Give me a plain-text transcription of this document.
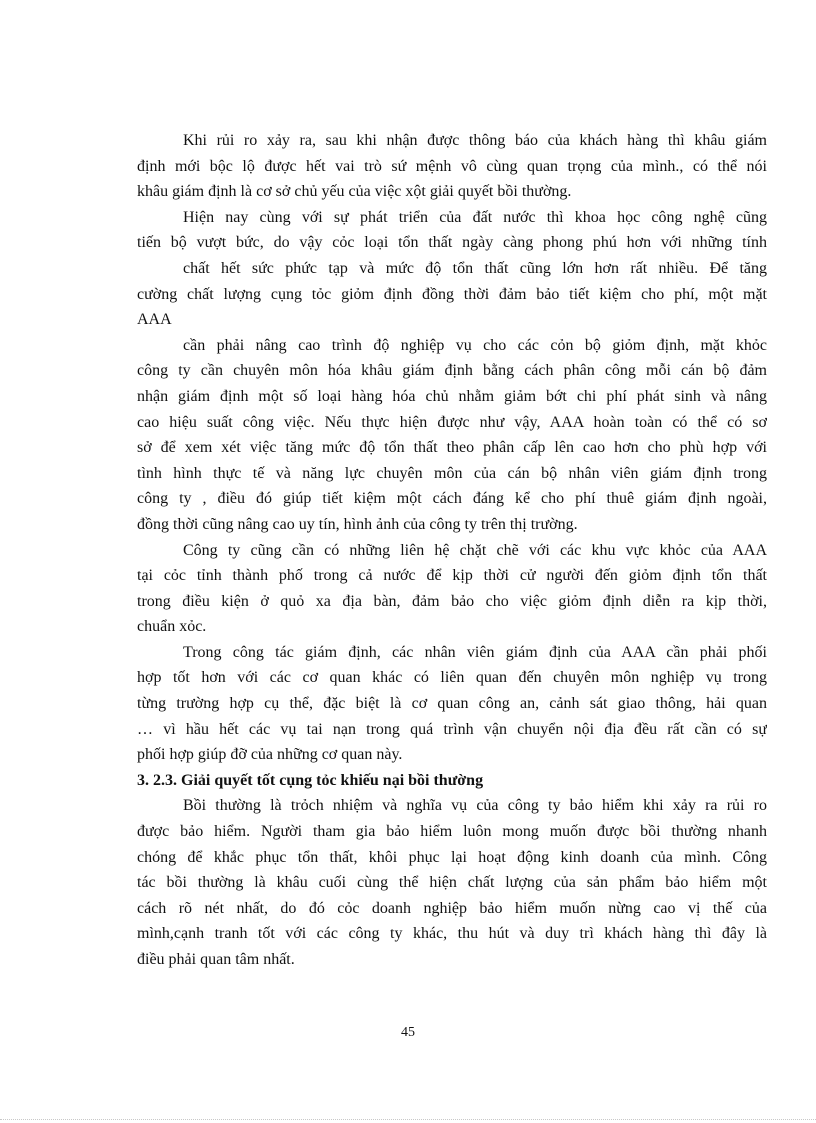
Khi rủi ro xảy ra, sau khi nhận được thông báo của khách hàng thì khâu giám
định mới bộc lộ được hết vai trò sứ mệnh vô cùng quan trọng của mình., có thể nói
khâu giám định là cơ sở chủ yếu của việc xột giải quyết bồi thường.
Hiện nay cùng với sự phát triển của đất nước thì khoa học công nghệ cũng
tiến bộ vượt bức, do vậy cỏc loại tổn thất ngày càng phong phú hơn với những tính
chất hết sức phức tạp và mức độ tổn thất cũng lớn hơn rất nhiều. Để tăng
cường chất lượng cụng tỏc giỏm định đồng thời đảm bảo tiết kiệm cho phí, một mặt
AAA
cần phải nâng cao trình độ nghiệp vụ cho các cỏn bộ giỏm định, mặt khỏc
công ty cần chuyên môn hóa khâu giám định bằng cách phân công mỗi cán bộ đảm
nhận giám định một số loại hàng hóa chủ nhằm giảm bớt chi phí phát sinh và nâng
cao hiệu suất công việc. Nếu thực hiện được như vậy, AAA hoàn toàn có thể có sơ
sở để xem xét việc tăng mức độ tổn thất theo phân cấp lên cao hơn cho phù hợp với
tình hình thực tế và năng lực chuyên môn của cán bộ nhân viên giám định trong
công ty , điều đó giúp tiết kiệm một cách đáng kể cho phí thuê giám định ngoài,
đồng thời cũng nâng cao uy tín, hình ảnh của công ty trên thị trường.
Công ty cũng cần có những liên hệ chặt chẽ với các khu vực khỏc của AAA
tại cỏc tỉnh thành phố trong cả nước để kịp thời cử người đến giỏm định tổn thất
trong điều kiện ở quỏ xa địa bàn, đảm bảo cho việc giỏm định diễn ra kịp thời,
chuẩn xỏc.
Trong công tác giám định, các nhân viên giám định của AAA cần phải phối
hợp tốt hơn với các cơ quan khác có liên quan đến chuyên môn nghiệp vụ trong
từng trường hợp cụ thể, đặc biệt là cơ quan công an, cảnh sát giao thông, hải quan
… vì hầu hết các vụ tai nạn trong quá trình vận chuyển nội địa đều rất cần có sự
phối hợp giúp đỡ của những cơ quan này.
3. 2.3. Giải quyết tốt cụng tỏc khiếu nại bồi thường
Bồi thường là trỏch nhiệm và nghĩa vụ của công ty bảo hiểm khi xảy ra rủi ro
được bảo hiểm. Người tham gia bảo hiểm luôn mong muốn được bồi thường nhanh
chóng để khắc phục tổn thất, khôi phục lại hoạt động kinh doanh của mình. Công
tác bồi thường là khâu cuối cùng thể hiện chất lượng của sản phẩm bảo hiểm một
cách rõ nét nhất, do đó cỏc doanh nghiệp bảo hiểm muốn nừng cao vị thế của
mình,cạnh tranh tốt với các công ty khác, thu hút và duy trì khách hàng thì đây là
điều phải quan tâm nhất.
45
